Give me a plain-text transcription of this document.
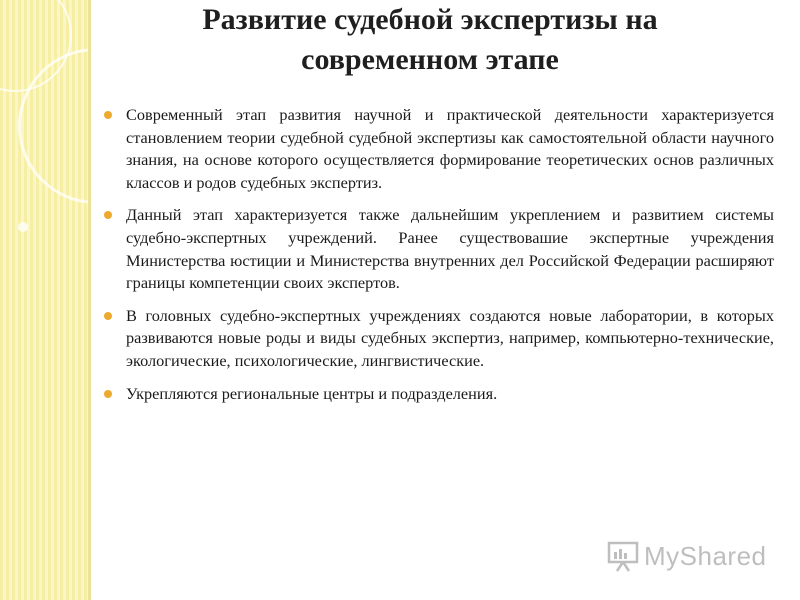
Развитие судебной экспертизы на
современном этапе
Современный этап развития научной и практической деятельности характеризуется становлением теории судебной судебной экспертизы как самостоятельной области научного знания, на основе которого осуществляется формирование теоретических основ различных классов и родов судебных экспертиз.
Данный этап характеризуется также дальнейшим укреплением и развитием системы судебно-экспертных учреждений. Ранее существовашие экспертные учреждения Министерства юстиции и Министерства внутренних дел Российской Федерации расширяют границы компетенции своих экспертов.
В головных судебно-экспертных учреждениях создаются новые лаборатории, в которых развиваются новые роды и виды судебных экспертиз, например, компьютерно-технические, экологические, психологические, лингвистические.
Укрепляются региональные центры и подразделения.
MyShared
